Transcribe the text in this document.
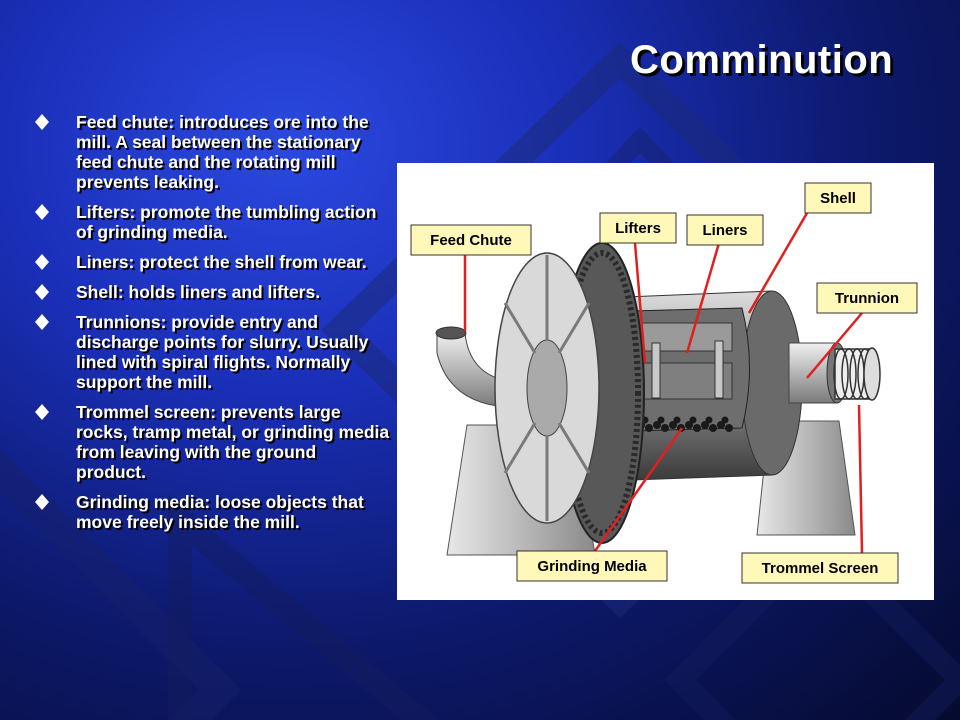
Comminution
Feed chute: introduces ore into the mill. A seal between the stationary feed chute and the rotating mill prevents leaking.
Lifters: promote the tumbling action of grinding media.
Liners: protect the shell from wear.
Shell: holds liners and lifters.
Trunnions: provide entry and discharge points for slurry. Usually lined with spiral flights. Normally support the mill.
Trommel screen: prevents large rocks, tramp metal, or grinding media from leaving with the ground product.
Grinding media: loose objects that move freely inside the mill.
Feed Chute
Lifters	Liners
Shell
Trunnion
Grinding Media	Trommel Screen
